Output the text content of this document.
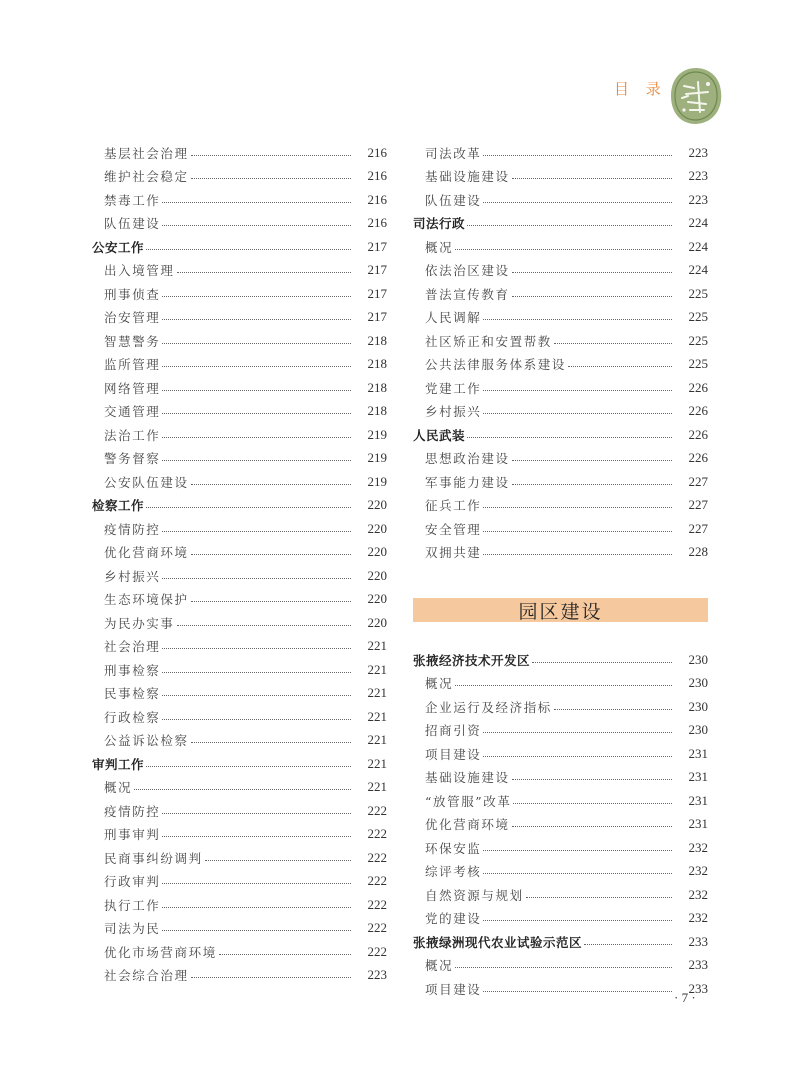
目 录
基层社会治理	216
维护社会稳定	216
禁毒工作	216
队伍建设	216
公安工作	217
出入境管理	217
刑事侦查	217
治安管理	217
智慧警务	218
监所管理	218
网络管理	218
交通管理	218
法治工作	219
警务督察	219
公安队伍建设	219
检察工作	220
疫情防控	220
优化营商环境	220
乡村振兴	220
生态环境保护	220
为民办实事	220
社会治理	221
刑事检察	221
民事检察	221
行政检察	221
公益诉讼检察	221
审判工作	221
概况	221
疫情防控	222
刑事审判	222
民商事纠纷调判	222
行政审判	222
执行工作	222
司法为民	222
优化市场营商环境	222
社会综合治理	223
司法改革	223
基础设施建设	223
队伍建设	223
司法行政	224
概况	224
依法治区建设	224
普法宣传教育	225
人民调解	225
社区矫正和安置帮教	225
公共法律服务体系建设	225
党建工作	226
乡村振兴	226
人民武装	226
思想政治建设	226
军事能力建设	227
征兵工作	227
安全管理	227
双拥共建	228
园区建设
张掖经济技术开发区	230
概况	230
企业运行及经济指标	230
招商引资	230
项目建设	231
基础设施建设	231
“放管服”改革	231
优化营商环境	231
环保安监	232
综评考核	232
自然资源与规划	232
党的建设	232
张掖绿洲现代农业试验示范区	233
概况	233
项目建设	233
· 7 ·
